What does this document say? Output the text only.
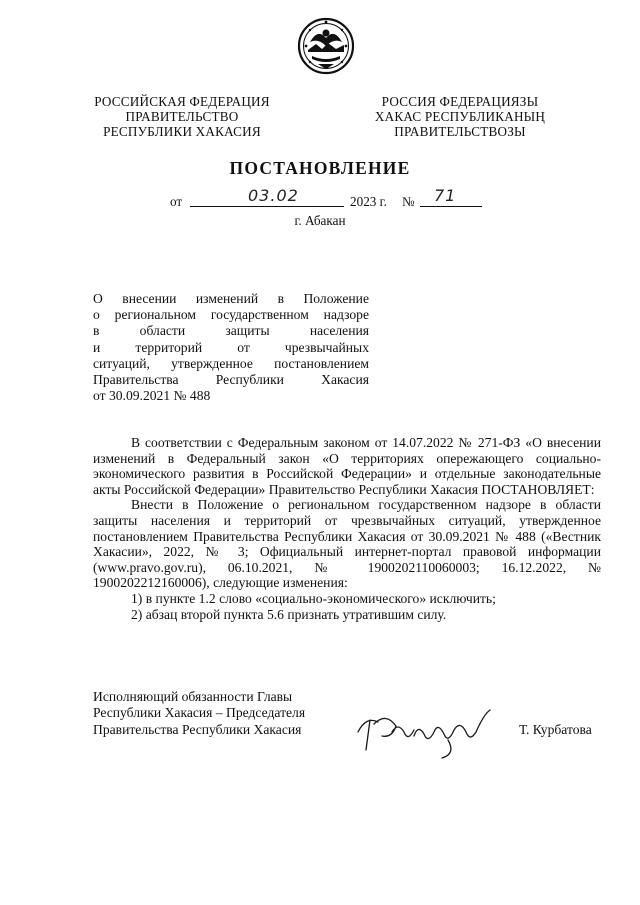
РОССИЙСКАЯ ФЕДЕРАЦИЯ
ПРАВИТЕЛЬСТВО
РЕСПУБЛИКИ ХАКАСИЯ
РОССИЯ ФЕДЕРАЦИЯЗЫ
ХАКАС РЕСПУБЛИКАНЫҢ
ПРАВИТЕЛЬСТВОЗЫ
ПОСТАНОВЛЕНИЕ
от	03.02	2023 г. № 71
г. Абакан
О внесении изменений в Положение
о региональном государственном надзоре
в области защиты населения
и территорий от чрезвычайных
ситуаций, утвержденное постановлением
Правительства Республики Хакасия
от 30.09.2021 № 488

В соответствии с Федеральным законом от 14.07.2022 № 271-ФЗ «О внесении изменений в Федеральный закон «О территориях опережающего социально-экономического развития в Российской Федерации» и отдельные законодательные акты Российской Федерации» Правительство Республики Хакасия ПОСТАНОВЛЯЕТ:

Внести в Положение о региональном государственном надзоре в области защиты населения и территорий от чрезвычайных ситуаций, утвержденное постановлением Правительства Республики Хакасия от 30.09.2021 № 488 («Вестник Хакасии», 2022, № 3; Официальный интернет-портал правовой информации (www.pravo.gov.ru), 06.10.2021, № 1900202110060003; 16.12.2022, № 1900202212160006), следующие изменения:

1) в пункте 1.2 слово «социально-экономического» исключить;

2) абзац второй пункта 5.6 признать утратившим силу.

Исполняющий обязанности Главы
Республики Хакасия – Председателя
Правительства Республики Хакасия	Т. Курбатова
